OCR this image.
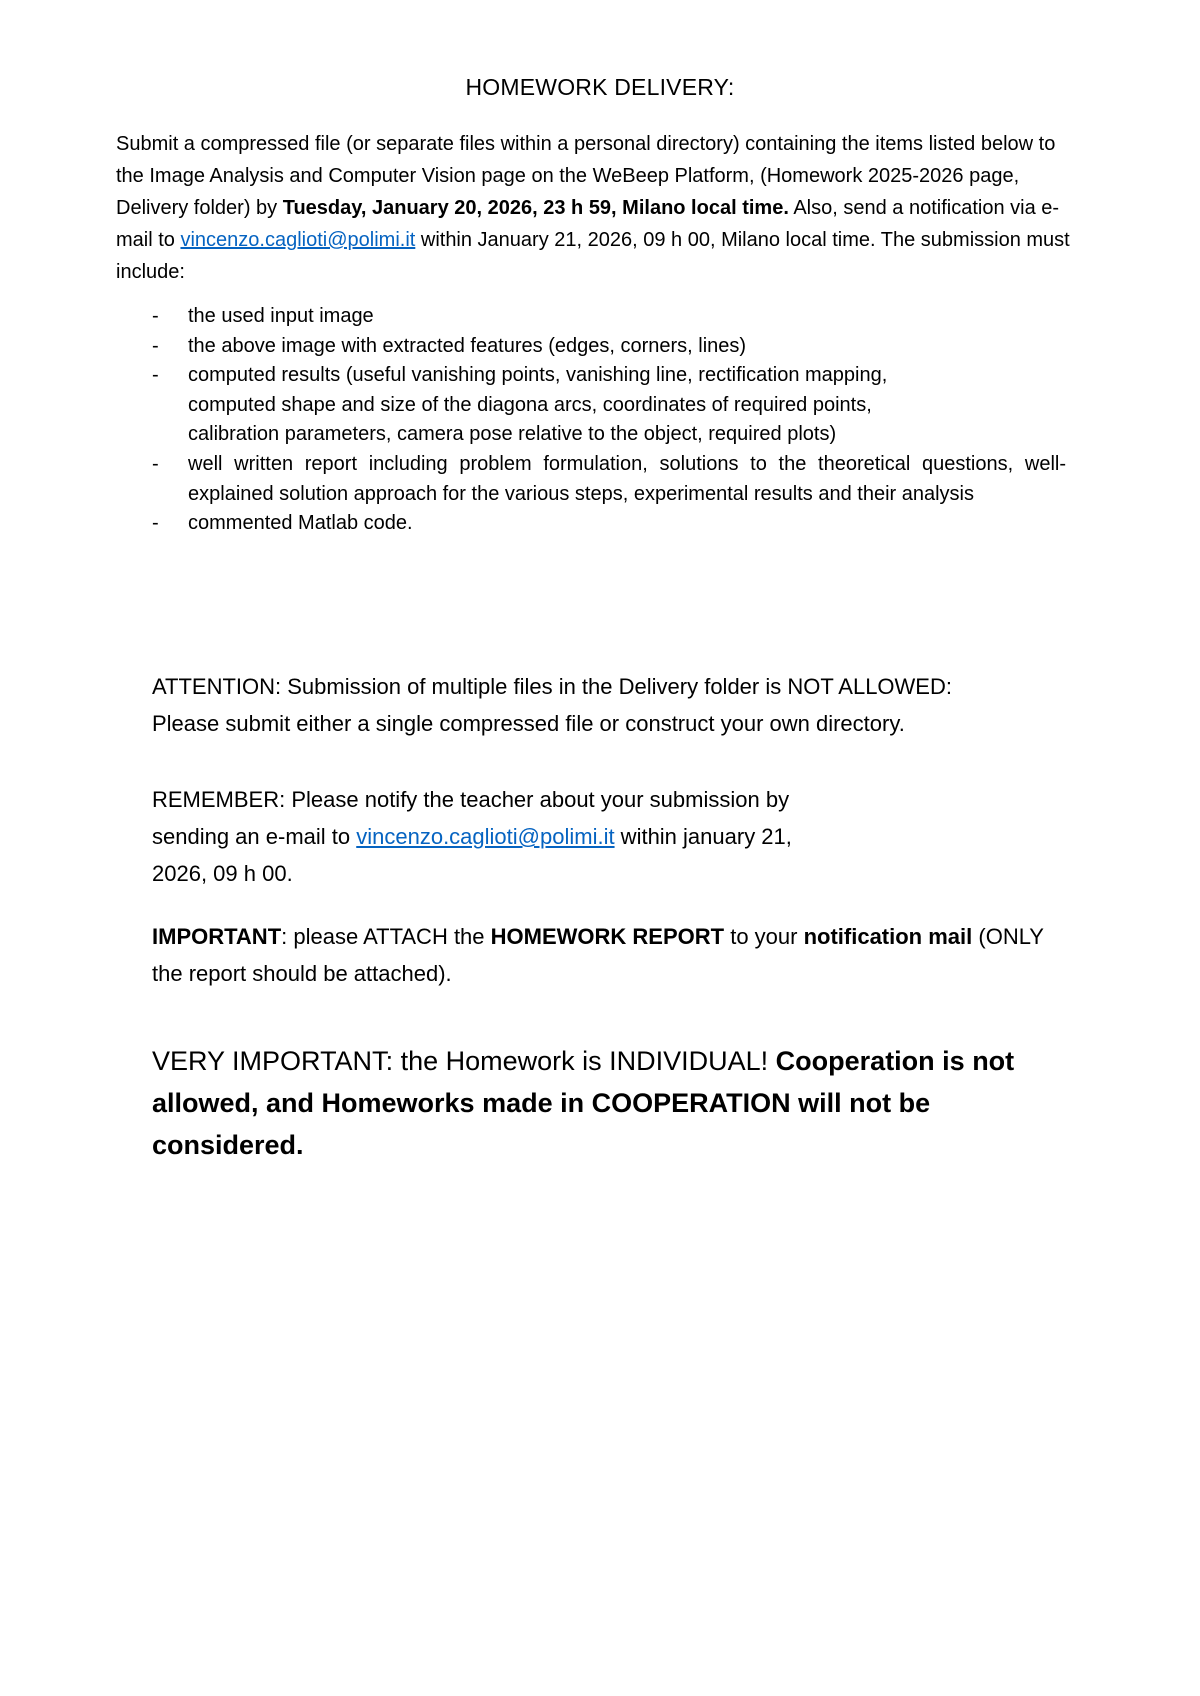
HOMEWORK DELIVERY:

Submit a compressed file (or separate files within a personal directory) containing the items listed below to the Image Analysis and Computer Vision page on the WeBeep Platform, (Homework 2025-2026 page, Delivery folder) by Tuesday, January 20, 2026, 23 h 59, Milano local time. Also, send a notification via e-mail to vincenzo.caglioti@polimi.it within January 21, 2026, 09 h 00, Milano local time. The submission must include:

- the used input image
- the above image with extracted features (edges, corners, lines)
- computed results (useful vanishing points, vanishing line, rectification mapping, computed shape and size of the diagona arcs, coordinates of required points, calibration parameters, camera pose relative to the object, required plots)
- well written report including problem formulation, solutions to the theoretical questions, well-explained solution approach for the various steps, experimental results and their analysis
- commented Matlab code.
ATTENTION: Submission of multiple files in the Delivery folder is NOT ALLOWED:
Please submit either a single compressed file or construct your own directory.
REMEMBER: Please notify the teacher about your submission by
sending an e-mail to vincenzo.caglioti@polimi.it within january 21,
2026, 09 h 00.
IMPORTANT: please ATTACH the HOMEWORK REPORT to your notification mail (ONLY the report should be attached).
VERY IMPORTANT: the Homework is INDIVIDUAL! Cooperation is not allowed, and Homeworks made in COOPERATION will not be considered.
